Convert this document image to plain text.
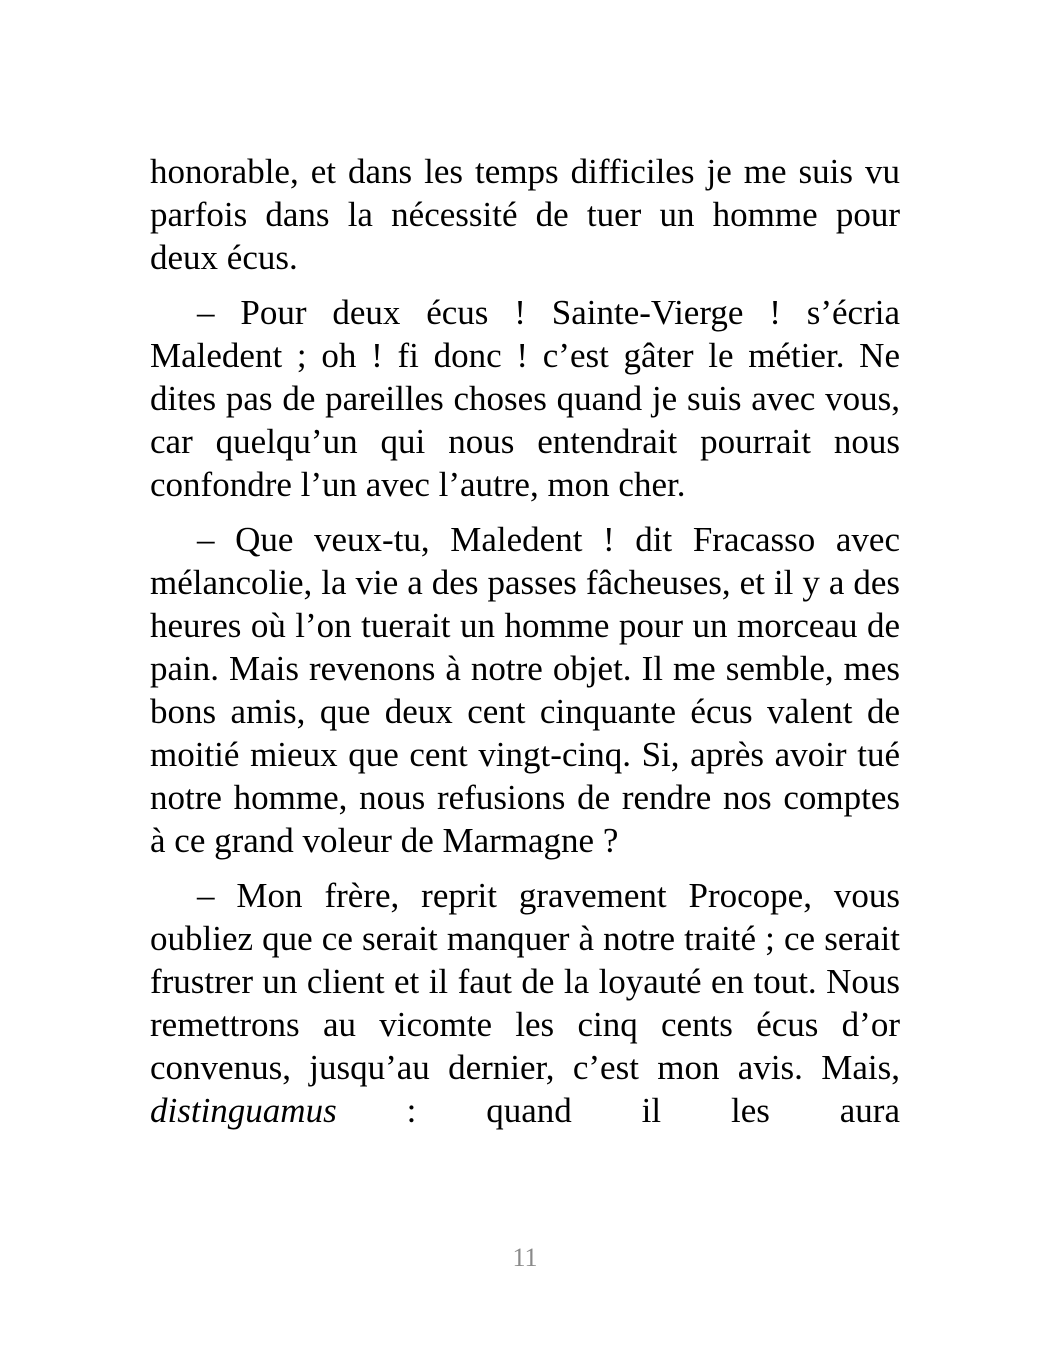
honorable, et dans les temps difficiles je me suis vu parfois dans la nécessité de tuer un homme pour deux écus.

– Pour deux écus ! Sainte-Vierge ! s’écria Maledent ; oh ! fi donc ! c’est gâter le métier. Ne dites pas de pareilles choses quand je suis avec vous, car quelqu’un qui nous entendrait pourrait nous confondre l’un avec l’autre, mon cher.

– Que veux-tu, Maledent ! dit Fracasso avec mélancolie, la vie a des passes fâcheuses, et il y a des heures où l’on tuerait un homme pour un morceau de pain. Mais revenons à notre objet. Il me semble, mes bons amis, que deux cent cinquante écus valent de moitié mieux que cent vingt-cinq. Si, après avoir tué notre homme, nous refusions de rendre nos comptes à ce grand voleur de Marmagne ?

– Mon frère, reprit gravement Procope, vous oubliez que ce serait manquer à notre traité ; ce serait frustrer un client et il faut de la loyauté en tout. Nous remettrons au vicomte les cinq cents écus d’or convenus, jusqu’au dernier, c’est mon avis. Mais, distinguamus : quand il les aura

11
